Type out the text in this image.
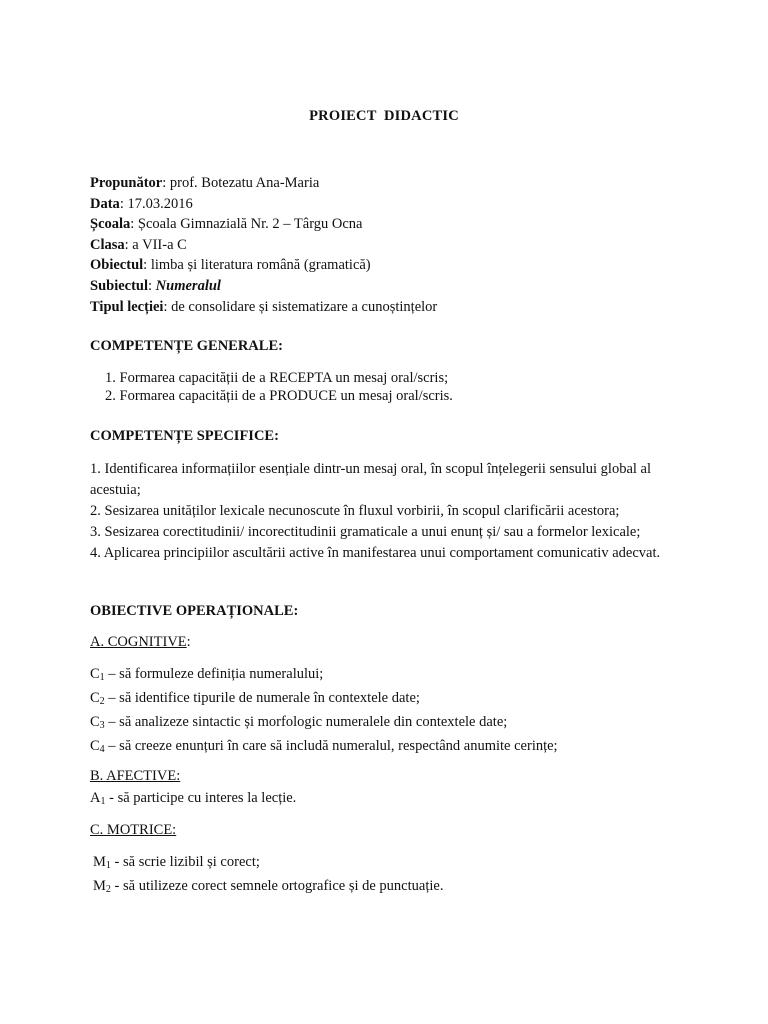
PROIECT  DIDACTIC
Propunător: prof. Botezatu Ana-Maria
Data: 17.03.2016
Școala: Școala Gimnazială Nr. 2 – Târgu Ocna
Clasa: a VII-a C
Obiectul: limba și literatura română (gramatică)
Subiectul: Numeralul
Tipul lecției: de consolidare și sistematizare a cunoștințelor
COMPETENȚE GENERALE:
1. Formarea capacității de a RECEPTA un mesaj oral/scris;
2. Formarea capacității de a PRODUCE un mesaj oral/scris.
COMPETENȚE SPECIFICE:
1. Identificarea informațiilor esențiale dintr-un mesaj oral, în scopul înțelegerii sensului global al acestuia;
2. Sesizarea unităților lexicale necunoscute în fluxul vorbirii, în scopul clarificării acestora;
3. Sesizarea corectitudinii/ incorectitudinii gramaticale a unui enunț și/ sau a formelor lexicale;
4. Aplicarea principiilor ascultării active în manifestarea unui comportament comunicativ adecvat.
OBIECTIVE OPERAȚIONALE:
A. COGNITIVE:
$C_1$ – să formuleze definiția numeralului;
$C_2$ – să identifice tipurile de numerale în contextele date;
$C_3$ – să analizeze sintactic și morfologic numeralele din contextele date;
$C_4$ – să creeze enunțuri în care să includă numeralul, respectând anumite cerințe;
B. AFECTIVE:
$A_1$ - să participe cu interes la lecție.
C. MOTRICE:
$M_1$ - să scrie lizibil și corect;
$M_2$ - să utilizeze corect semnele ortografice și de punctuație.
